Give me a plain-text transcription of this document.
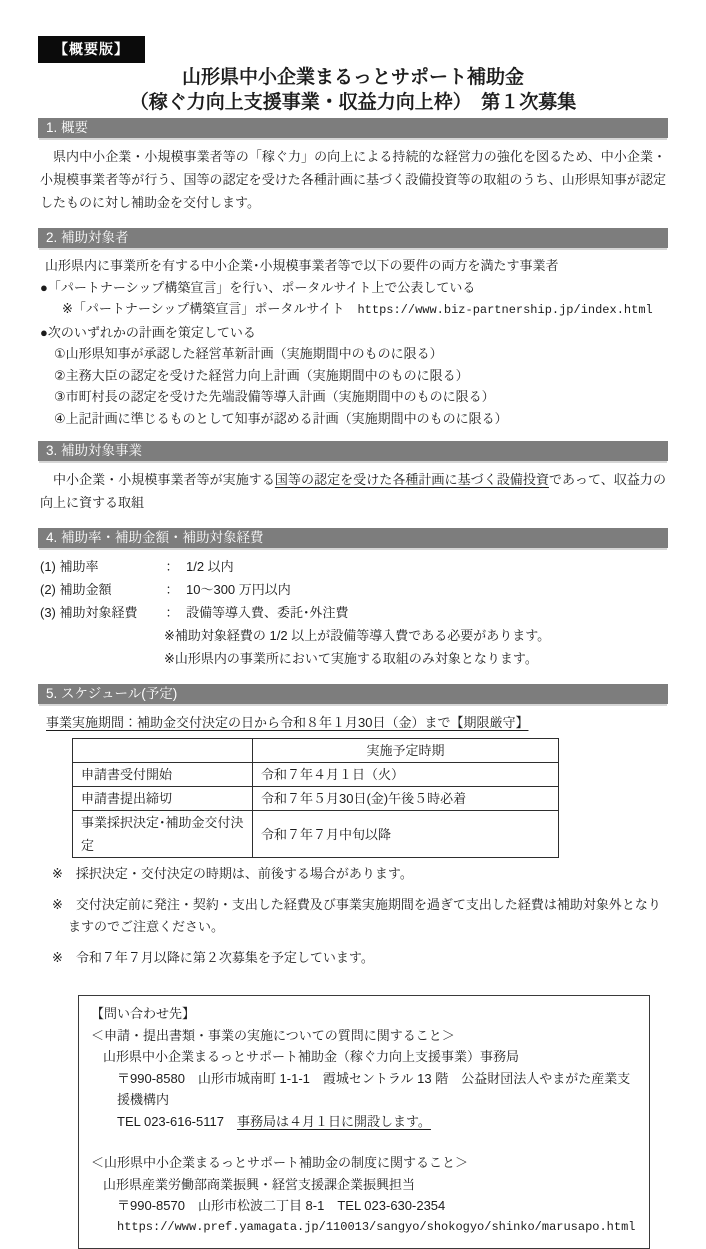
【概要版】
山形県中小企業まるっとサポート補助金
（稼ぐ力向上支援事業・収益力向上枠）　第１次募集
1. 概要
県内中小企業・小規模事業者等の「稼ぐ力」の向上による持続的な経営力の強化を図るため、中小企業・小規模事業者等が行う、国等の認定を受けた各種計画に基づく設備投資等の取組のうち、山形県知事が認定したものに対し補助金を交付します。
2. 補助対象者
山形県内に事業所を有する中小企業･小規模事業者等で以下の要件の両方を満たす事業者
●「パートナーシップ構築宣言」を行い、ポータルサイト上で公表している
※「パートナーシップ構築宣言」ポータルサイト　https://www.biz-partnership.jp/index.html
●次のいずれかの計画を策定している
①山形県知事が承認した経営革新計画（実施期間中のものに限る）
②主務大臣の認定を受けた経営力向上計画（実施期間中のものに限る）
③市町村長の認定を受けた先端設備等導入計画（実施期間中のものに限る）
④上記計画に準じるものとして知事が認める計画（実施期間中のものに限る）
3. 補助対象事業
中小企業・小規模事業者等が実施する国等の認定を受けた各種計画に基づく設備投資であって、収益力の向上に資する取組
4. 補助率・補助金額・補助対象経費
(1) 補助率	： 1/2 以内
(2) 補助金額	： 10～300 万円以内
(3) 補助対象経費	： 設備等導入費、委託･外注費
※補助対象経費の 1/2 以上が設備等導入費である必要があります。
※山形県内の事業所において実施する取組のみ対象となります。
5. スケジュール(予定)
事業実施期間：補助金交付決定の日から令和８年１月30日（金）まで【期限厳守】
	実施予定時期
申請書受付開始	令和７年４月１日（火）
申請書提出締切	令和７年５月30日(金)午後５時必着
事業採択決定･補助金交付決定	令和７年７月中旬以降
※　採択決定・交付決定の時期は、前後する場合があります。
※　交付決定前に発注・契約・支出した経費及び事業実施期間を過ぎて支出した経費は補助対象外となりますのでご注意ください。
※　令和７年７月以降に第２次募集を予定しています。
【問い合わせ先】
＜申請・提出書類・事業の実施についての質問に関すること＞
山形県中小企業まるっとサポート補助金（稼ぐ力向上支援事業）事務局
〒990-8580　山形市城南町 1-1-1　霞城セントラル 13 階　公益財団法人やまがた産業支援機構内
TEL 023-616-5117　事務局は４月１日に開設します。
＜山形県中小企業まるっとサポート補助金の制度に関すること＞
山形県産業労働部商業振興・経営支援課企業振興担当
〒990-8570　山形市松波二丁目 8-1　TEL 023-630-2354
https://www.pref.yamagata.jp/110013/sangyo/shokogyo/shinko/marusapo.html
